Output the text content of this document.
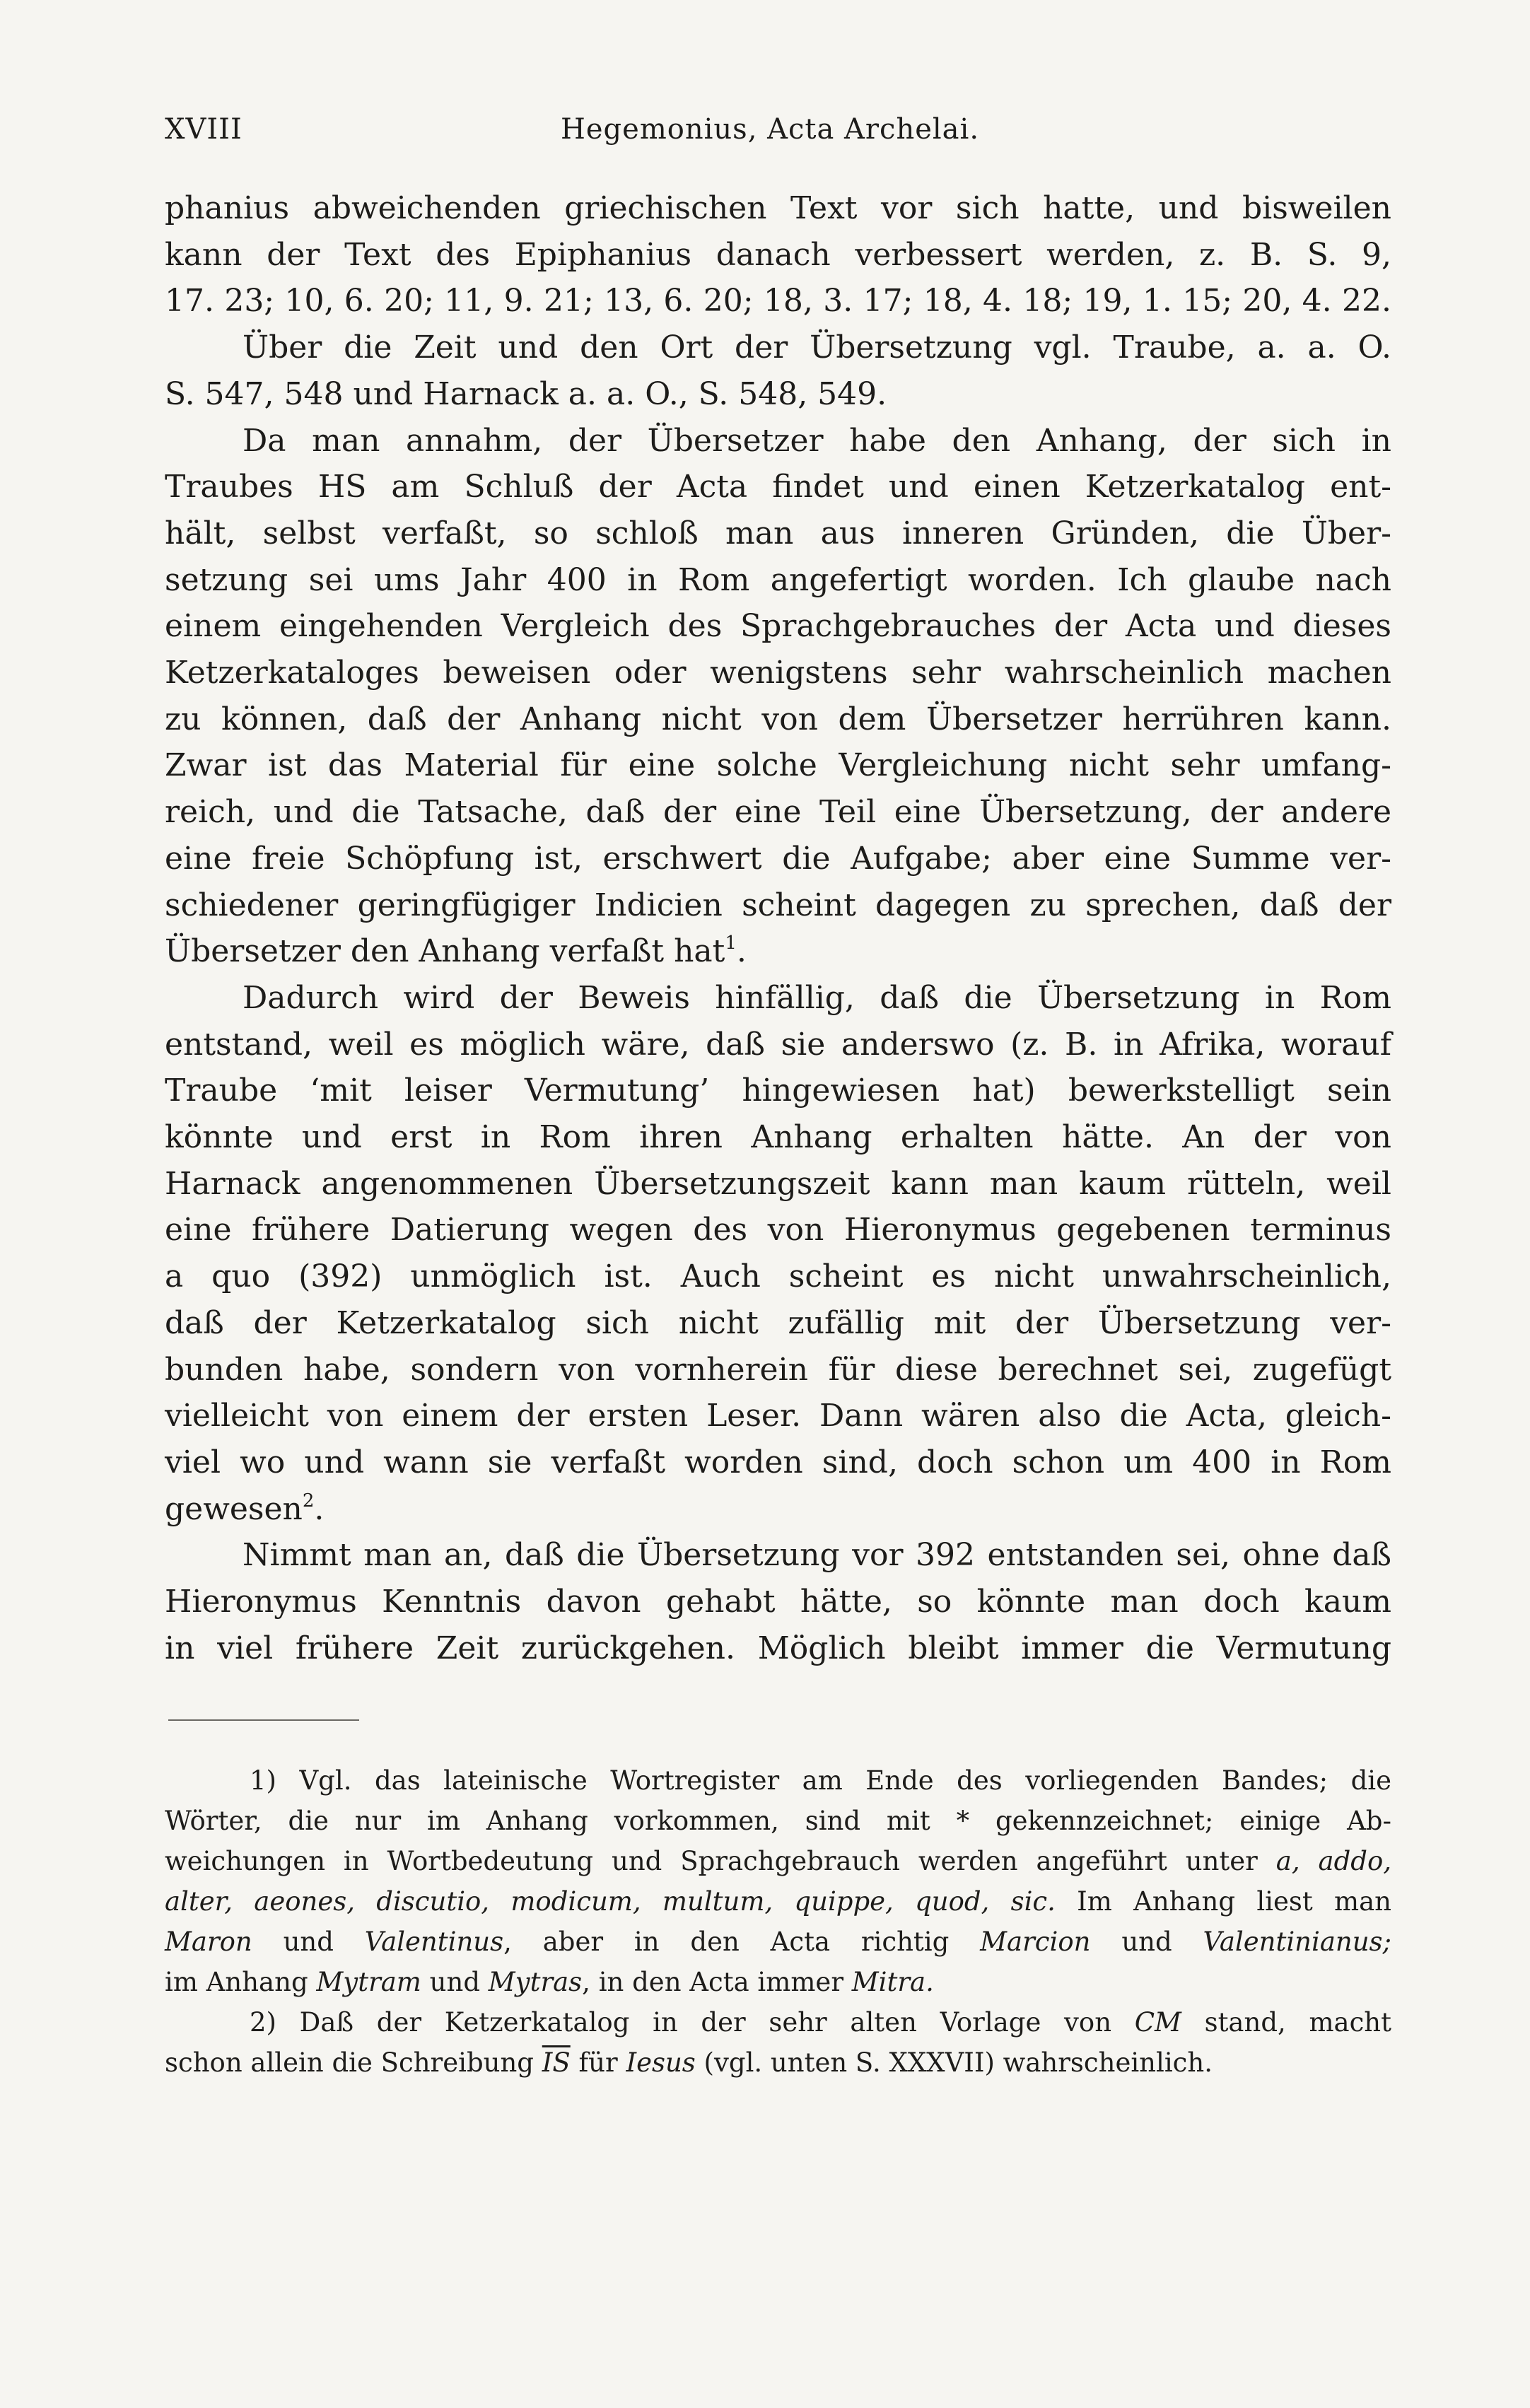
XVIII	Hegemonius, Acta Archelai.

phanius abweichenden griechischen Text vor sich hatte, und bisweilen
kann der Text des Epiphanius danach verbessert werden, z. B. S. 9,
17. 23; 10, 6. 20; 11, 9. 21; 13, 6. 20; 18, 3. 17; 18, 4. 18; 19, 1. 15; 20, 4. 22.

Über die Zeit und den Ort der Übersetzung vgl. Traube, a. a. O.
S. 547, 548 und Harnack a. a. O., S. 548, 549.

Da man annahm, der Übersetzer habe den Anhang, der sich in
Traubes HS am Schluß der Acta findet und einen Ketzerkatalog ent-
hält, selbst verfaßt, so schloß man aus inneren Gründen, die Über-
setzung sei ums Jahr 400 in Rom angefertigt worden. Ich glaube nach
einem eingehenden Vergleich des Sprachgebrauches der Acta und dieses
Ketzerkataloges beweisen oder wenigstens sehr wahrscheinlich machen
zu können, daß der Anhang nicht von dem Übersetzer herrühren kann.
Zwar ist das Material für eine solche Vergleichung nicht sehr umfang-
reich, und die Tatsache, daß der eine Teil eine Übersetzung, der andere
eine freie Schöpfung ist, erschwert die Aufgabe; aber eine Summe ver-
schiedener geringfügiger Indicien scheint dagegen zu sprechen, daß der
Übersetzer den Anhang verfaßt hat$^1$.

Dadurch wird der Beweis hinfällig, daß die Übersetzung in Rom
entstand, weil es möglich wäre, daß sie anderswo (z. B. in Afrika, worauf
Traube ‘mit leiser Vermutung’ hingewiesen hat) bewerkstelligt sein
könnte und erst in Rom ihren Anhang erhalten hätte. An der von
Harnack angenommenen Übersetzungszeit kann man kaum rütteln, weil
eine frühere Datierung wegen des von Hieronymus gegebenen terminus
a quo (392) unmöglich ist. Auch scheint es nicht unwahrscheinlich,
daß der Ketzerkatalog sich nicht zufällig mit der Übersetzung ver-
bunden habe, sondern von vornherein für diese berechnet sei, zugefügt
vielleicht von einem der ersten Leser. Dann wären also die Acta, gleich-
viel wo und wann sie verfaßt worden sind, doch schon um 400 in Rom
gewesen$^2$.

Nimmt man an, daß die Übersetzung vor 392 entstanden sei, ohne daß
Hieronymus Kenntnis davon gehabt hätte, so könnte man doch kaum
in viel frühere Zeit zurückgehen. Möglich bleibt immer die Vermutung

1) Vgl. das lateinische Wortregister am Ende des vorliegenden Bandes; die
Wörter, die nur im Anhang vorkommen, sind mit * gekennzeichnet; einige Ab-
weichungen in Wortbedeutung und Sprachgebrauch werden angeführt unter a, addo,
alter, aeones, discutio, modicum, multum, quippe, quod, sic. Im Anhang liest man
Maron und Valentinus, aber in den Acta richtig Marcion und Valentinianus;
im Anhang Mytram und Mytras, in den Acta immer Mitra.
2) Daß der Ketzerkatalog in der sehr alten Vorlage von CM stand, macht
schon allein die Schreibung $\overline{IS}$ für Iesus (vgl. unten S. XXXVII) wahrscheinlich.
